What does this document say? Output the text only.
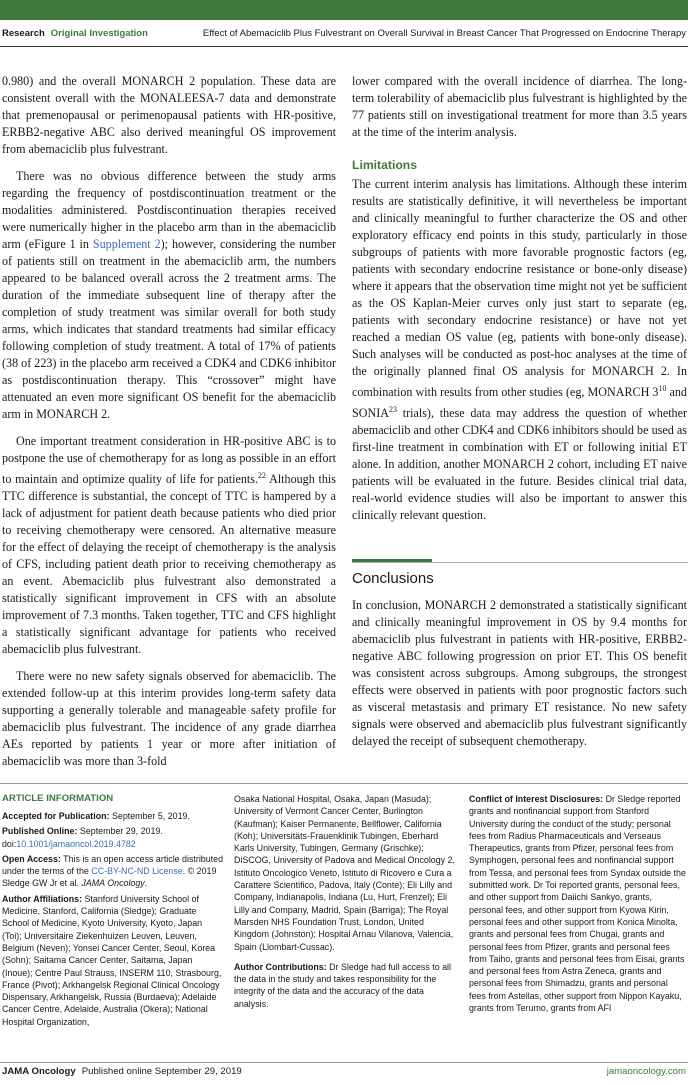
Research Original Investigation	Effect of Abemaciclib Plus Fulvestrant on Overall Survival in Breast Cancer That Progressed on Endocrine Therapy

0.980) and the overall MONARCH 2 population. These data are consistent overall with the MONALEESA-7 data and demonstrate that premenopausal or perimenopausal patients with HR-positive, ERBB2-negative ABC also derived meaningful OS improvement from abemaciclib plus fulvestrant.

There was no obvious difference between the study arms regarding the frequency of postdiscontinuation treatment or the modalities administered. Postdiscontinuation therapies received were numerically higher in the placebo arm than in the abemaciclib arm (eFigure 1 in Supplement 2); however, considering the number of patients still on treatment in the abemaciclib arm, the numbers appeared to be balanced overall across the 2 treatment arms. The duration of the immediate subsequent line of therapy after the completion of study treatment was similar overall for both study arms, which indicates that standard treatments had similar efficacy following completion of study treatment. A total of 17% of patients (38 of 223) in the placebo arm received a CDK4 and CDK6 inhibitor as postdiscontinuation therapy. This “crossover” might have attenuated an even more significant OS benefit for the abemaciclib arm in MONARCH 2.

One important treatment consideration in HR-positive ABC is to postpone the use of chemotherapy for as long as possible in an effort to maintain and optimize quality of life for patients.$^{22}$ Although this TTC difference is substantial, the concept of TTC is hampered by a lack of adjustment for patient death because patients who died prior to receiving chemotherapy were censored. An alternative measure for the effect of delaying the receipt of chemotherapy is the analysis of CFS, including patient death prior to receiving chemotherapy as an event. Abemaciclib plus fulvestrant also demonstrated a statistically significant improvement in CFS with an absolute improvement of 7.3 months. Taken together, TTC and CFS highlight a statistically significant advantage for patients who received abemaciclib plus fulvestrant.

There were no new safety signals observed for abemaciclib. The extended follow-up at this interim provides long-term safety data supporting a generally tolerable and manageable safety profile for abemaciclib plus fulvestrant. The incidence of any grade diarrhea AEs reported by patients 1 year or more after initiation of abemaciclib was more than 3-fold

lower compared with the overall incidence of diarrhea. The long-term tolerability of abemaciclib plus fulvestrant is highlighted by the 77 patients still on investigational treatment for more than 3.5 years at the time of the interim analysis.

Limitations

The current interim analysis has limitations. Although these interim results are statistically definitive, it will nevertheless be important and clinically meaningful to further characterize the OS and other exploratory efficacy end points in this study, particularly in those subgroups of patients with more favorable prognostic factors (eg, patients with secondary endocrine resistance or bone-only disease) where it appears that the observation time might not yet be sufficient as the OS Kaplan-Meier curves only just start to separate (eg, patients with secondary endocrine resistance) or have not yet reached a median OS value (eg, patients with bone-only disease). Such analyses will be conducted as post-hoc analyses at the time of the originally planned final OS analysis for MONARCH 2. In combination with results from other studies (eg, MONARCH $3^{10}$ and SONIA$^{23}$ trials), these data may address the question of whether abemaciclib and other CDK4 and CDK6 inhibitors should be used as first-line treatment in combination with ET or following initial ET alone. In addition, another MONARCH 2 cohort, including ET naive patients will be evaluated in the future. Besides clinical trial data, real-world evidence studies will also be important to answer this clinically relevant question.

Conclusions

In conclusion, MONARCH 2 demonstrated a statistically significant and clinically meaningful improvement in OS by 9.4 months for abemaciclib plus fulvestrant in patients with HR-positive, ERBB2-negative ABC following progression on prior ET. This OS benefit was consistent across subgroups. Among subgroups, the strongest effects were observed in patients with poor prognostic factors such as visceral metastasis and primary ET resistance. No new safety signals were observed and abemaciclib plus fulvestrant significantly delayed the receipt of subsequent chemotherapy.

ARTICLE INFORMATION

Accepted for Publication: September 5, 2019.

Published Online: September 29, 2019.
doi:10.1001/jamaoncol.2019.4782

Open Access: This is an open access article distributed under the terms of the CC-BY-NC-ND License. © 2019 Sledge GW Jr et al. JAMA Oncology.

Author Affiliations: Stanford University School of Medicine, Stanford, California (Sledge); Graduate School of Medicine, Kyoto University, Kyoto, Japan (Toi); Universitaire Ziekenhuizen Leuven, Leuven, Belgium (Neven); Yonsei Cancer Center, Seoul, Korea (Sohn); Saitama Cancer Center, Saitama, Japan (Inoue); Centre Paul Strauss, INSERM 110, Strasbourg, France (Pivot); Arkhangelsk Regional Clinical Oncology Dispensary, Arkhangelsk, Russia (Burdaeva); Adelaide Cancer Centre, Adelaide, Australia (Okera); National Hospital Organization,

Osaka National Hospital, Osaka, Japan (Masuda); University of Vermont Cancer Center, Burlington (Kaufman); Kaiser Permanente, Bellflower, California (Koh); Universitäts-Frauenklinik Tubingen, Eberhard Karls University, Tubingen, Germany (Grischke); DiSCOG, University of Padova and Medical Oncology 2, Istituto Oncologico Veneto, Istituto di Ricovero e Cura a Carattere Scientifico, Padova, Italy (Conte); Eli Lilly and Company, Indianapolis, Indiana (Lu, Hurt, Frenzel); Eli Lilly and Company, Madrid, Spain (Barriga); The Royal Marsden NHS Foundation Trust, London, United Kingdom (Johnston); Hospital Arnau Vilanova, Valencia, Spain (Llombart-Cussac).

Author Contributions: Dr Sledge had full access to all the data in the study and takes responsibility for the integrity of the data and the accuracy of the data analysis.

Conflict of Interest Disclosures: Dr Sledge reported grants and nonfinancial support from Stanford University during the conduct of the study; personal fees from Radius Pharmaceuticals and Verseaus Therapeutics, grants from Pfizer, personal fees from Symphogen, personal fees and nonfinancial support from Tessa, and personal fees from Syndax outside the submitted work. Dr Toi reported grants, personal fees, and other support from Daiichi Sankyo, grants, personal fees, and other support from Kyowa Kirin, personal fees and other support from Konica Minolta, grants and personal fees from Chugai, grants and personal fees from Pfizer, grants and personal fees from Taiho, grants and personal fees from Eisai, grants and personal fees from Astra Zeneca, grants and personal fees from Shimadzu, grants and personal fees from Astellas, other support from Nippon Kayaku, grants from Terumo, grants from AFI

JAMA Oncology Published online September 29, 2019	jamaoncology.com
